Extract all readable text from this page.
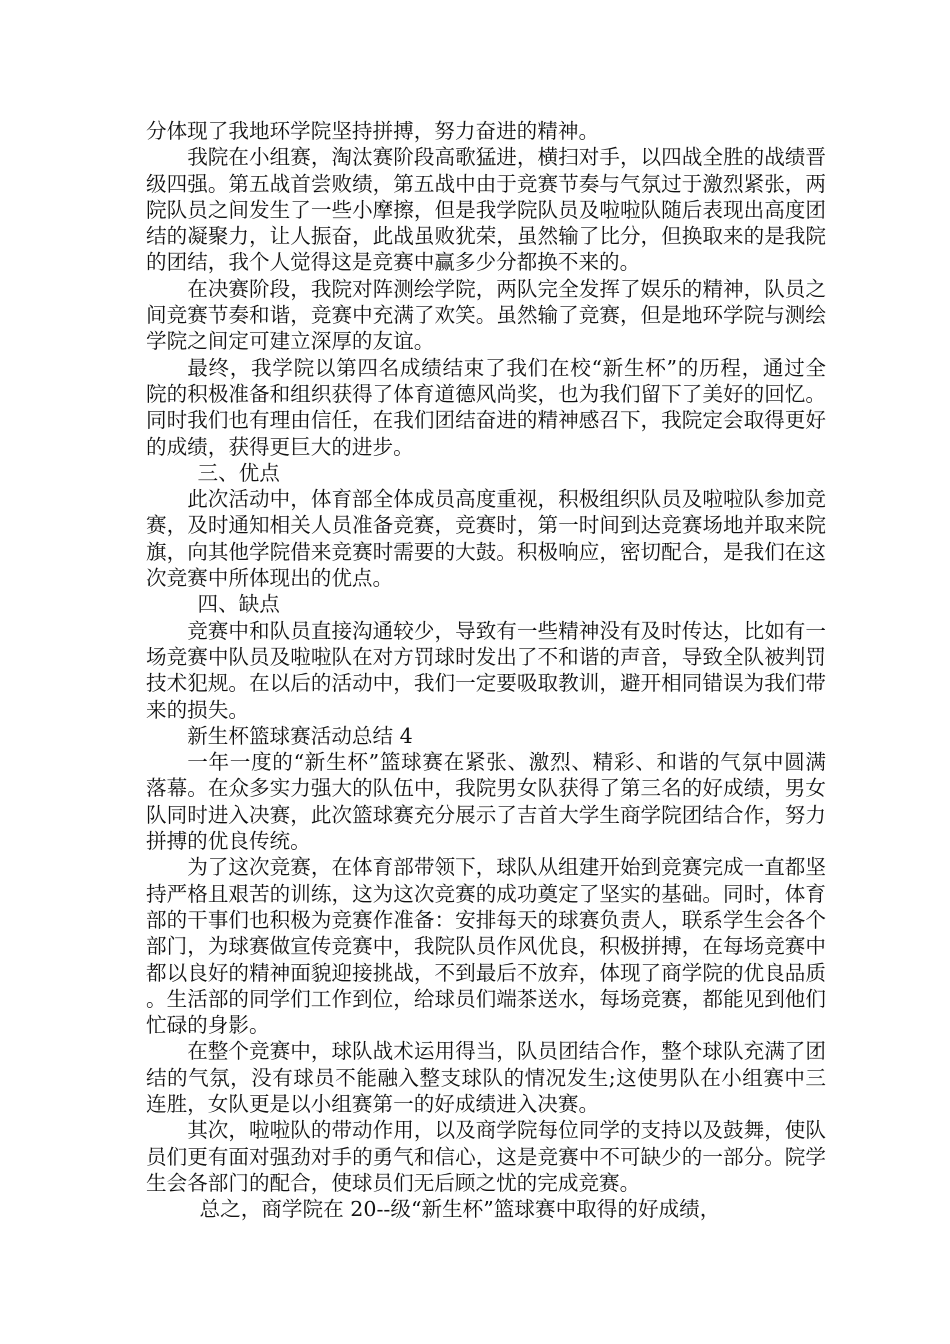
分体现了我地环学院坚持拼搏，努力奋进的精神。

我院在小组赛，淘汰赛阶段高歌猛进，横扫对手，以四战全胜的战绩晋级四强。第五战首尝败绩，第五战中由于竞赛节奏与气氛过于激烈紧张，两院队员之间发生了一些小摩擦，但是我学院队员及啦啦队随后表现出高度团结的凝聚力，让人振奋，此战虽败犹荣，虽然输了比分，但换取来的是我院的团结，我个人觉得这是竞赛中赢多少分都换不来的。

在决赛阶段，我院对阵测绘学院，两队完全发挥了娱乐的精神，队员之间竞赛节奏和谐，竞赛中充满了欢笑。虽然输了竞赛，但是地环学院与测绘学院之间定可建立深厚的友谊。

最终，我学院以第四名成绩结束了我们在校“新生杯”的历程，通过全院的积极准备和组织获得了体育道德风尚奖，也为我们留下了美好的回忆。同时我们也有理由信任，在我们团结奋进的精神感召下，我院定会取得更好的成绩，获得更巨大的进步。

三、优点

此次活动中，体育部全体成员高度重视，积极组织队员及啦啦队参加竞赛，及时通知相关人员准备竞赛，竞赛时，第一时间到达竞赛场地并取来院旗，向其他学院借来竞赛时需要的大鼓。积极响应，密切配合，是我们在这次竞赛中所体现出的优点。

四、缺点

竞赛中和队员直接沟通较少，导致有一些精神没有及时传达，比如有一场竞赛中队员及啦啦队在对方罚球时发出了不和谐的声音，导致全队被判罚技术犯规。在以后的活动中，我们一定要吸取教训，避开相同错误为我们带来的损失。

新生杯篮球赛活动总结 4

一年一度的“新生杯”篮球赛在紧张、激烈、精彩、和谐的气氛中圆满落幕。在众多实力强大的队伍中，我院男女队获得了第三名的好成绩，男女队同时进入决赛，此次篮球赛充分展示了吉首大学生商学院团结合作，努力拼搏的优良传统。

为了这次竞赛，在体育部带领下，球队从组建开始到竞赛完成一直都坚持严格且艰苦的训练，这为这次竞赛的成功奠定了坚实的基础。同时，体育部的干事们也积极为竞赛作准备：安排每天的球赛负责人，联系学生会各个部门，为球赛做宣传竞赛中，我院队员作风优良，积极拼搏，在每场竞赛中都以良好的精神面貌迎接挑战，不到最后不放弃，体现了商学院的优良品质。生活部的同学们工作到位，给球员们端茶送水，每场竞赛，都能见到他们忙碌的身影。

在整个竞赛中，球队战术运用得当，队员团结合作，整个球队充满了团结的气氛，没有球员不能融入整支球队的情况发生;这使男队在小组赛中三连胜，女队更是以小组赛第一的好成绩进入决赛。

其次，啦啦队的带动作用，以及商学院每位同学的支持以及鼓舞，使队员们更有面对强劲对手的勇气和信心，这是竞赛中不可缺少的一部分。院学生会各部门的配合，使球员们无后顾之忧的完成竞赛。

总之，商学院在 20--级“新生杯”篮球赛中取得的好成绩，
